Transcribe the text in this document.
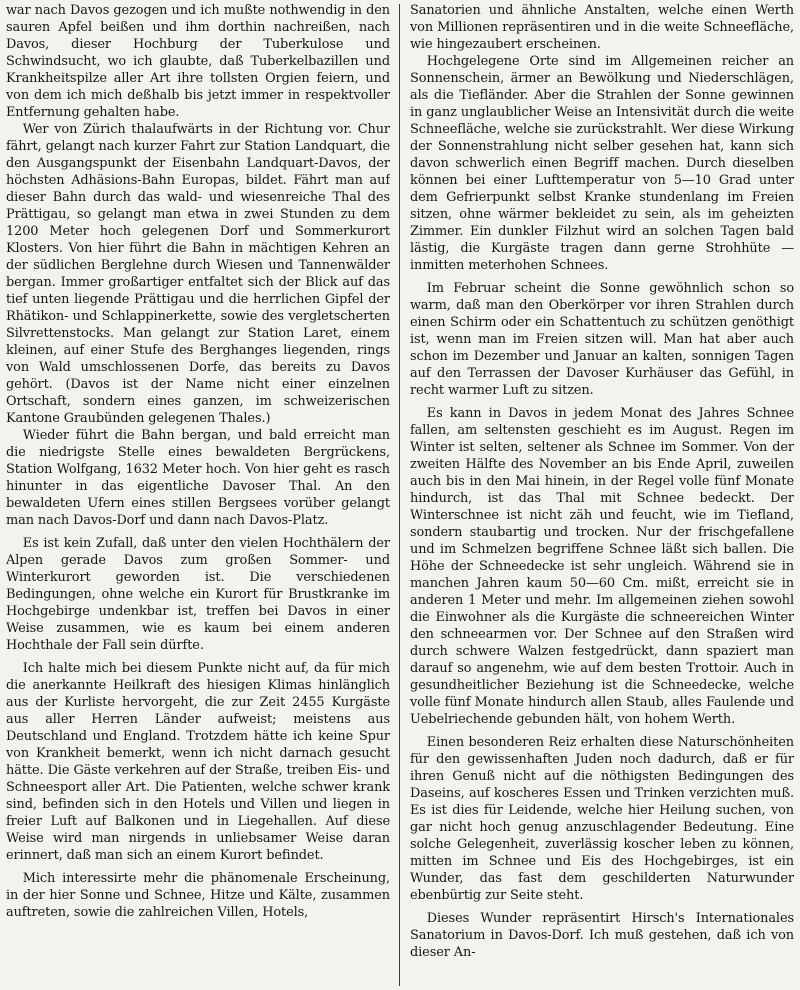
war nach Davos gezogen und ich mußte nothwendig in den sauren Apfel beißen und ihm dorthin nachreißen, nach Davos, dieser Hochburg der Tuberkulose und Schwindsucht, wo ich glaubte, daß Tuberkelbazillen und Krankheitspilze aller Art ihre tollsten Orgien feiern, und von dem ich mich deßhalb bis jetzt immer in respektvoller Entfernung gehalten habe.

Wer von Zürich thalaufwärts in der Richtung vor. Chur fährt, gelangt nach kurzer Fahrt zur Station Landquart, die den Ausgangspunkt der Eisenbahn Landquart-Davos, der höchsten Adhäsions-Bahn Europas, bildet. Fährt man auf dieser Bahn durch das wald- und wiesenreiche Thal des Prättigau, so gelangt man etwa in zwei Stunden zu dem 1200 Meter hoch gelegenen Dorf und Sommerkurort Klosters. Von hier führt die Bahn in mächtigen Kehren an der südlichen Berglehne durch Wiesen und Tannenwälder bergan. Immer großartiger entfaltet sich der Blick auf das tief unten liegende Prättigau und die herrlichen Gipfel der Rhätikon- und Schlappinerkette, sowie des vergletscherten Silvrettenstocks. Man gelangt zur Station Laret, einem kleinen, auf einer Stufe des Berghanges liegenden, rings von Wald umschlossenen Dorfe, das bereits zu Davos gehört. (Davos ist der Name nicht einer einzelnen Ortschaft, sondern eines ganzen, im schweizerischen Kantone Graubünden gelegenen Thales.)

Wieder führt die Bahn bergan, und bald erreicht man die niedrigste Stelle eines bewaldeten Bergrückens, Station Wolfgang, 1632 Meter hoch. Von hier geht es rasch hinunter in das eigentliche Davoser Thal. An den bewaldeten Ufern eines stillen Bergsees vorüber gelangt man nach Davos-Dorf und dann nach Davos-Platz.

Es ist kein Zufall, daß unter den vielen Hochthälern der Alpen gerade Davos zum großen Sommer- und Winterkurort geworden ist. Die verschiedenen Bedingungen, ohne welche ein Kurort für Brustkranke im Hochgebirge undenkbar ist, treffen bei Davos in einer Weise zusammen, wie es kaum bei einem anderen Hochthale der Fall sein dürfte.

Ich halte mich bei diesem Punkte nicht auf, da für mich die anerkannte Heilkraft des hiesigen Klimas hinlänglich aus der Kurliste hervorgeht, die zur Zeit 2455 Kurgäste aus aller Herren Länder aufweist; meistens aus Deutschland und England. Trotzdem hätte ich keine Spur von Krankheit bemerkt, wenn ich nicht darnach gesucht hätte. Die Gäste verkehren auf der Straße, treiben Eis- und Schneesport aller Art. Die Patienten, welche schwer krank sind, befinden sich in den Hotels und Villen und liegen in freier Luft auf Balkonen und in Liegehallen. Auf diese Weise wird man nirgends in unliebsamer Weise daran erinnert, daß man sich an einem Kurort befindet.

Mich interessirte mehr die phänomenale Erscheinung, in der hier Sonne und Schnee, Hitze und Kälte, zusammen auftreten, sowie die zahlreichen Villen, Hotels,

Sanatorien und ähnliche Anstalten, welche einen Werth von Millionen repräsentiren und in die weite Schneefläche, wie hingezaubert erscheinen.

Hochgelegene Orte sind im Allgemeinen reicher an Sonnenschein, ärmer an Bewölkung und Niederschlägen, als die Tiefländer. Aber die Strahlen der Sonne gewinnen in ganz unglaublicher Weise an Intensivität durch die weite Schneefläche, welche sie zurückstrahlt. Wer diese Wirkung der Sonnenstrahlung nicht selber gesehen hat, kann sich davon schwerlich einen Begriff machen. Durch dieselben können bei einer Lufttemperatur von 5—10 Grad unter dem Gefrierpunkt selbst Kranke stundenlang im Freien sitzen, ohne wärmer bekleidet zu sein, als im geheizten Zimmer. Ein dunkler Filzhut wird an solchen Tagen bald lästig, die Kurgäste tragen dann gerne Strohhüte — inmitten meterhohen Schnees.

Im Februar scheint die Sonne gewöhnlich schon so warm, daß man den Oberkörper vor ihren Strahlen durch einen Schirm oder ein Schattentuch zu schützen genöthigt ist, wenn man im Freien sitzen will. Man hat aber auch schon im Dezember und Januar an kalten, sonnigen Tagen auf den Terrassen der Davoser Kurhäuser das Gefühl, in recht warmer Luft zu sitzen.

Es kann in Davos in jedem Monat des Jahres Schnee fallen, am seltensten geschieht es im August. Regen im Winter ist selten, seltener als Schnee im Sommer. Von der zweiten Hälfte des November an bis Ende April, zuweilen auch bis in den Mai hinein, in der Regel volle fünf Monate hindurch, ist das Thal mit Schnee bedeckt. Der Winterschnee ist nicht zäh und feucht, wie im Tiefland, sondern staubartig und trocken. Nur der frischgefallene und im Schmelzen begriffene Schnee läßt sich ballen. Die Höhe der Schneedecke ist sehr ungleich. Während sie in manchen Jahren kaum 50—60 Cm. mißt, erreicht sie in anderen 1 Meter und mehr. Im allgemeinen ziehen sowohl die Einwohner als die Kurgäste die schneereichen Winter den schneearmen vor. Der Schnee auf den Straßen wird durch schwere Walzen festgedrückt, dann spaziert man darauf so angenehm, wie auf dem besten Trottoir. Auch in gesundheitlicher Beziehung ist die Schneedecke, welche volle fünf Monate hindurch allen Staub, alles Faulende und Uebelriechende gebunden hält, von hohem Werth.

Einen besonderen Reiz erhalten diese Naturschönheiten für den gewissenhaften Juden noch dadurch, daß er für ihren Genuß nicht auf die nöthigsten Bedingungen des Daseins, auf koscheres Essen und Trinken verzichten muß. Es ist dies für Leidende, welche hier Heilung suchen, von gar nicht hoch genug anzuschlagender Bedeutung. Eine solche Gelegenheit, zuverlässig koscher leben zu können, mitten im Schnee und Eis des Hochgebirges, ist ein Wunder, das fast dem geschilderten Naturwunder ebenbürtig zur Seite steht.

Dieses Wunder repräsentirt Hirsch's Internationales Sanatorium in Davos-Dorf. Ich muß gestehen, daß ich von dieser An-
